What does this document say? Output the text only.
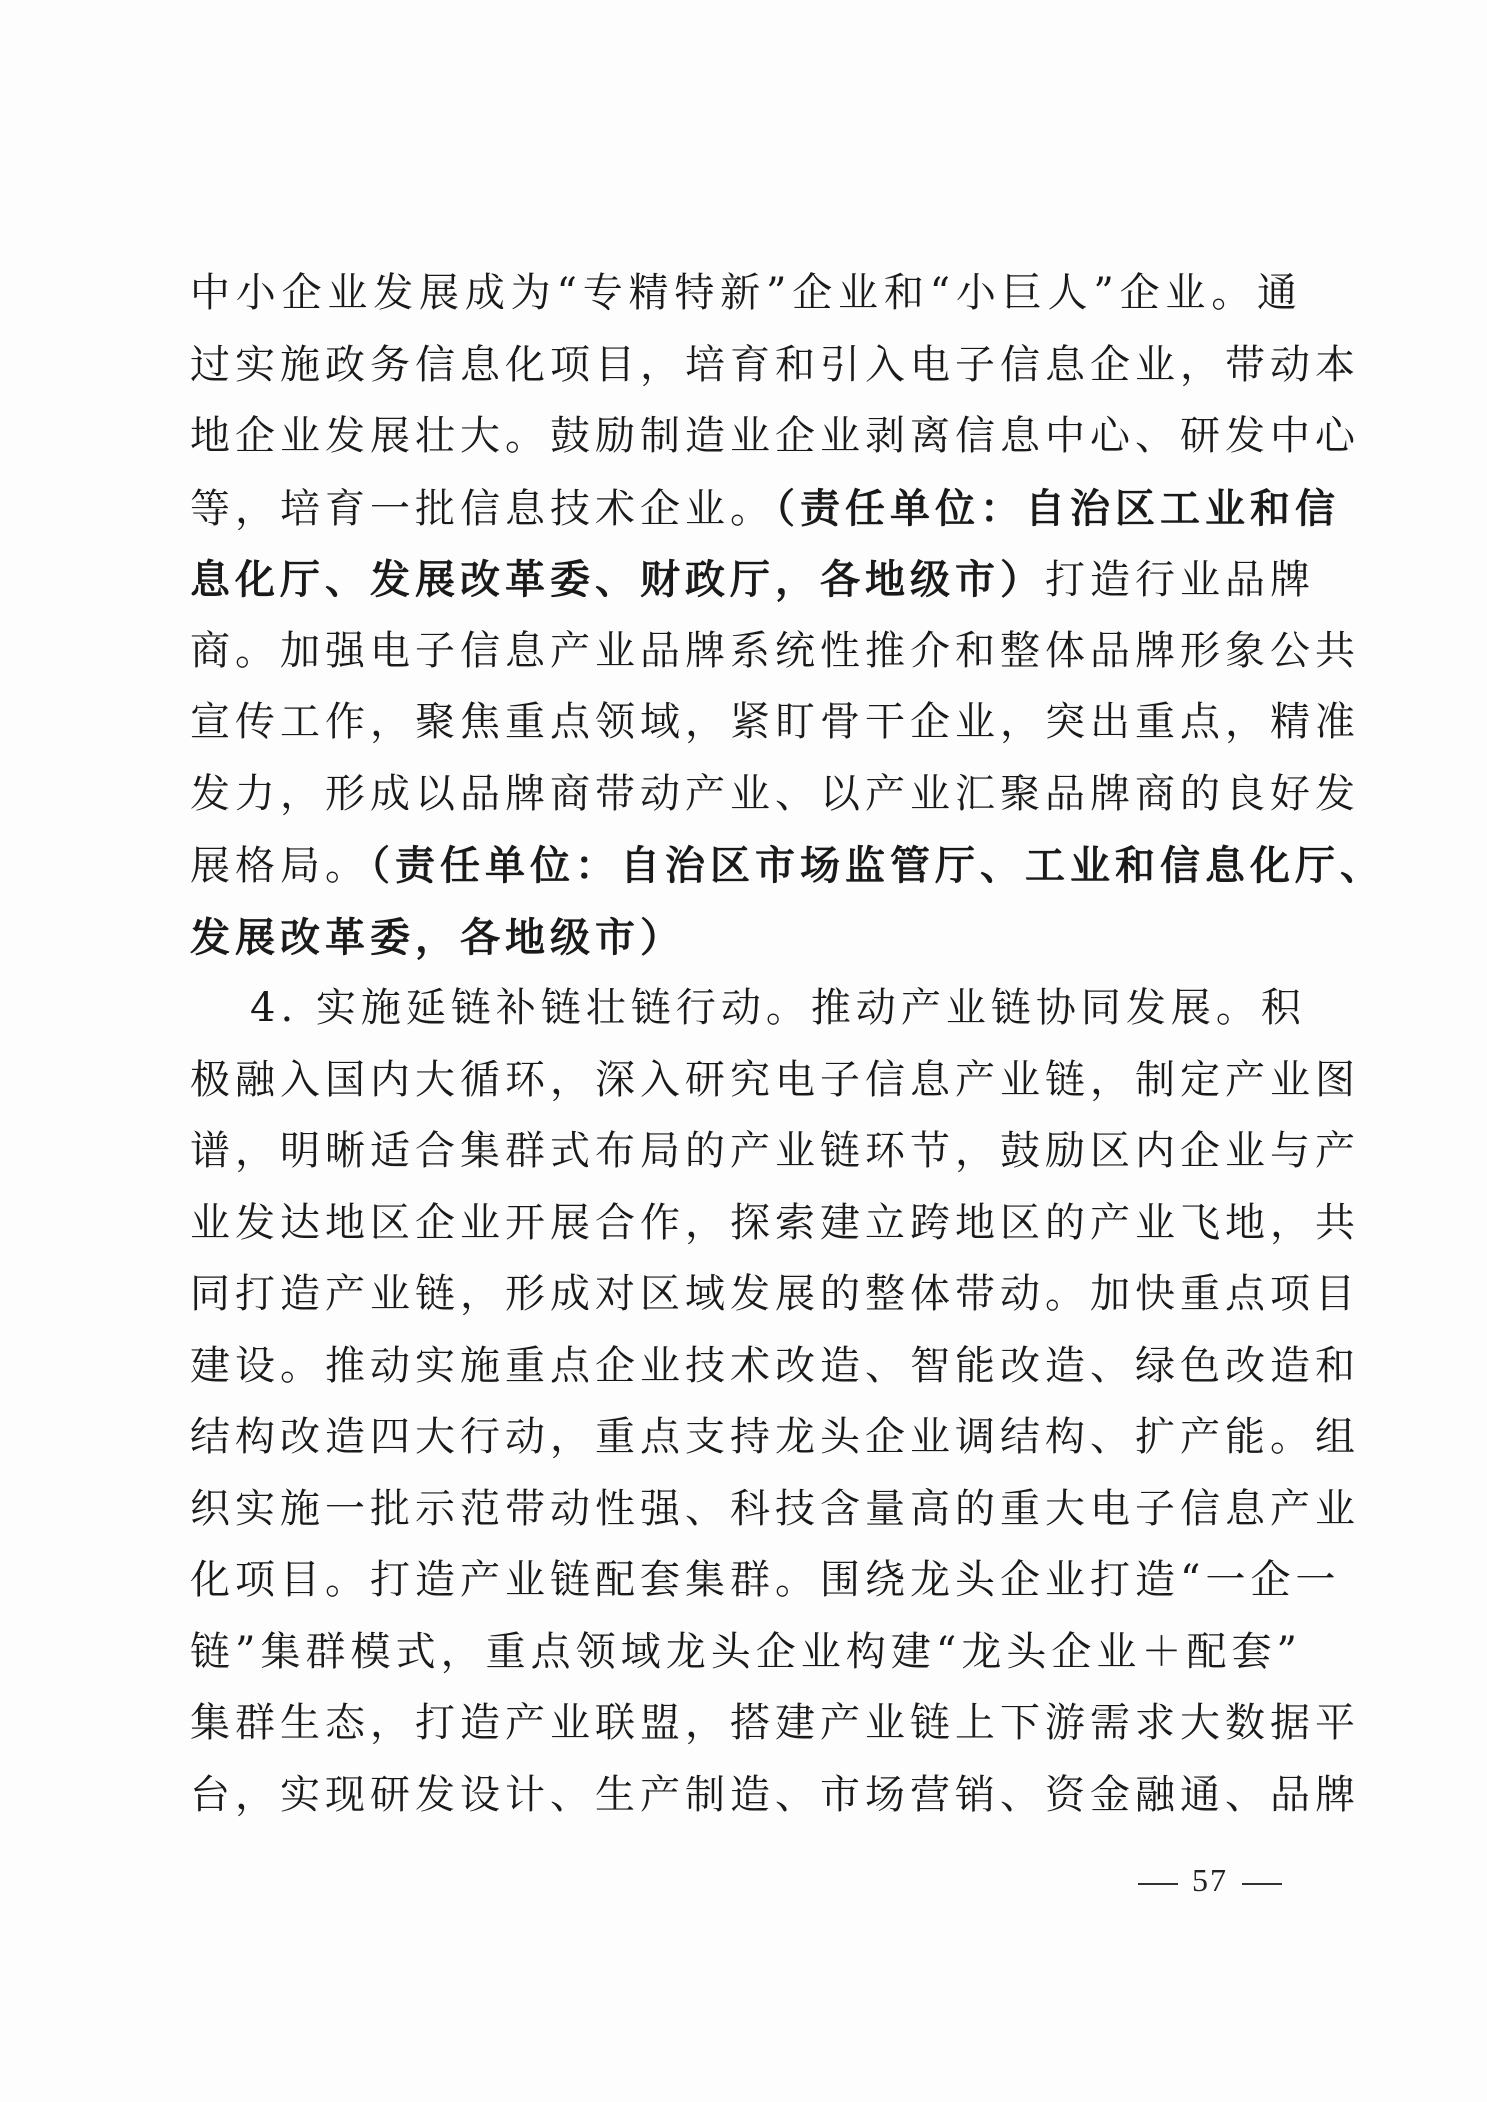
中小企业发展成为“专精特新”企业和“小巨人”企业。通
过实施政务信息化项目，培育和引入电子信息企业，带动本
地企业发展壮大。鼓励制造业企业剥离信息中心、研发中心
等，培育一批信息技术企业。（责任单位：自治区工业和信
息化厅、发展改革委、财政厅，各地级市）打造行业品牌
商。加强电子信息产业品牌系统性推介和整体品牌形象公共
宣传工作，聚焦重点领域，紧盯骨干企业，突出重点，精准
发力，形成以品牌商带动产业、以产业汇聚品牌商的良好发
展格局。（责任单位：自治区市场监管厅、工业和信息化厅、
发展改革委，各地级市）
4. 实施延链补链壮链行动。推动产业链协同发展。积
极融入国内大循环，深入研究电子信息产业链，制定产业图
谱，明晰适合集群式布局的产业链环节，鼓励区内企业与产
业发达地区企业开展合作，探索建立跨地区的产业飞地，共
同打造产业链，形成对区域发展的整体带动。加快重点项目
建设。推动实施重点企业技术改造、智能改造、绿色改造和
结构改造四大行动，重点支持龙头企业调结构、扩产能。组
织实施一批示范带动性强、科技含量高的重大电子信息产业
化项目。打造产业链配套集群。围绕龙头企业打造“一企一
链”集群模式，重点领域龙头企业构建“龙头企业＋配套”
集群生态，打造产业联盟，搭建产业链上下游需求大数据平
台，实现研发设计、生产制造、市场营销、资金融通、品牌
57
